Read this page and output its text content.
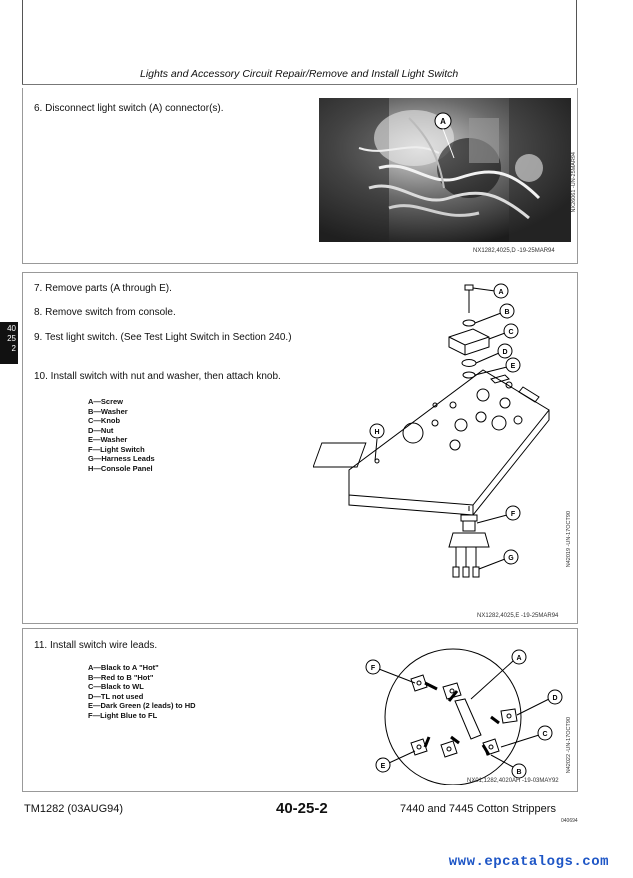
Lights and Accessory Circuit Repair/Remove and Install Light Switch
40
25
2
6. Disconnect light switch (A) connector(s).
A
NX26061 -UN-25MAR94
NX1282,4025,D -19-25MAR94
7. Remove parts (A through E).
8. Remove switch from console.
9. Test light switch. (See Test Light Switch in Section 240.)
10. Install switch with nut and washer, then attach knob.
A—Screw
B—Washer
C—Knob
D—Nut
E—Washer
F—Light Switch
G—Harness Leads
H—Console Panel
A
B
C
D
E
F
G
H
N42019 -UN-17OCT90
NX1282,4025,E -19-25MAR94
11. Install switch wire leads.
A—Black to A "Hot"
B—Red to B "Hot"
C—Black to WL
D—TL not used
E—Dark Green (2 leads) to HD
F—Light Blue to FL
A
B
C
D
E
F
N42022 -UN-17OCT90
NX01,1282,4020AH -19-03MAY92
TM1282 (03AUG94)	40-25-2	7440 and 7445 Cotton Strippers
040694
www.epcatalogs.com
